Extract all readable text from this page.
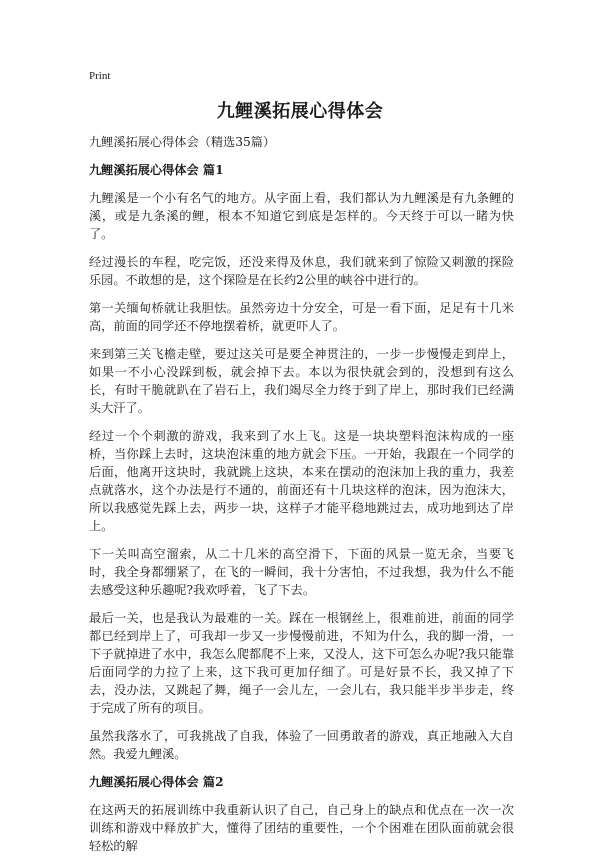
Print
九鲤溪拓展心得体会

九鲤溪拓展心得体会（精选35篇）

九鲤溪拓展心得体会 篇1

九鲤溪是一个小有名气的地方。从字面上看，我们都认为九鲤溪是有九条鲤的溪，或是九条溪的鲤，根本不知道它到底是怎样的。今天终于可以一睹为快了。

经过漫长的车程，吃完饭，还没来得及休息，我们就来到了惊险又刺激的探险乐园。不敢想的是，这个探险是在长约2公里的峡谷中进行的。

第一关缅甸桥就让我胆怯。虽然旁边十分安全，可是一看下面，足足有十几米高，前面的同学还不停地摆着桥，就更吓人了。

来到第三关飞檐走壁，要过这关可是要全神贯注的，一步一步慢慢走到岸上，如果一不小心没踩到板，就会掉下去。本以为很快就会到的，没想到有这么长，有时干脆就趴在了岩石上，我们竭尽全力终于到了岸上，那时我们已经满头大汗了。

经过一个个刺激的游戏，我来到了水上飞。这是一块块塑料泡沫构成的一座桥，当你踩上去时，这块泡沫重的地方就会下压。一开始，我跟在一个同学的后面，他离开这块时，我就跳上这块，本来在摆动的泡沫加上我的重力，我差点就落水，这个办法是行不通的，前面还有十几块这样的泡沫，因为泡沫大，所以我感觉先踩上去，两步一块，这样子才能平稳地跳过去，成功地到达了岸上。

下一关叫高空溜索，从二十几米的高空滑下，下面的风景一览无余，当要飞时，我全身都绷紧了，在飞的一瞬间，我十分害怕，不过我想，我为什么不能去感受这种乐趣呢?我欢呼着，飞了下去。

最后一关，也是我认为最难的一关。踩在一根钢丝上，很难前进，前面的同学都已经到岸上了，可我却一步又一步慢慢前进，不知为什么，我的脚一滑，一下子就掉进了水中，我怎么爬都爬不上来，又没人，这下可怎么办呢?我只能靠后面同学的力拉了上来，这下我可更加仔细了。可是好景不长，我又掉了下去，没办法，又跳起了舞，绳子一会儿左，一会儿右，我只能半步半步走，终于完成了所有的项目。

虽然我落水了，可我挑战了自我，体验了一回勇敢者的游戏，真正地融入大自然。我爱九鲤溪。

九鲤溪拓展心得体会 篇2

在这两天的拓展训练中我重新认识了自己，自己身上的缺点和优点在一次一次训练和游戏中释放扩大，懂得了团结的重要性，一个个困难在团队面前就会很轻松的解
